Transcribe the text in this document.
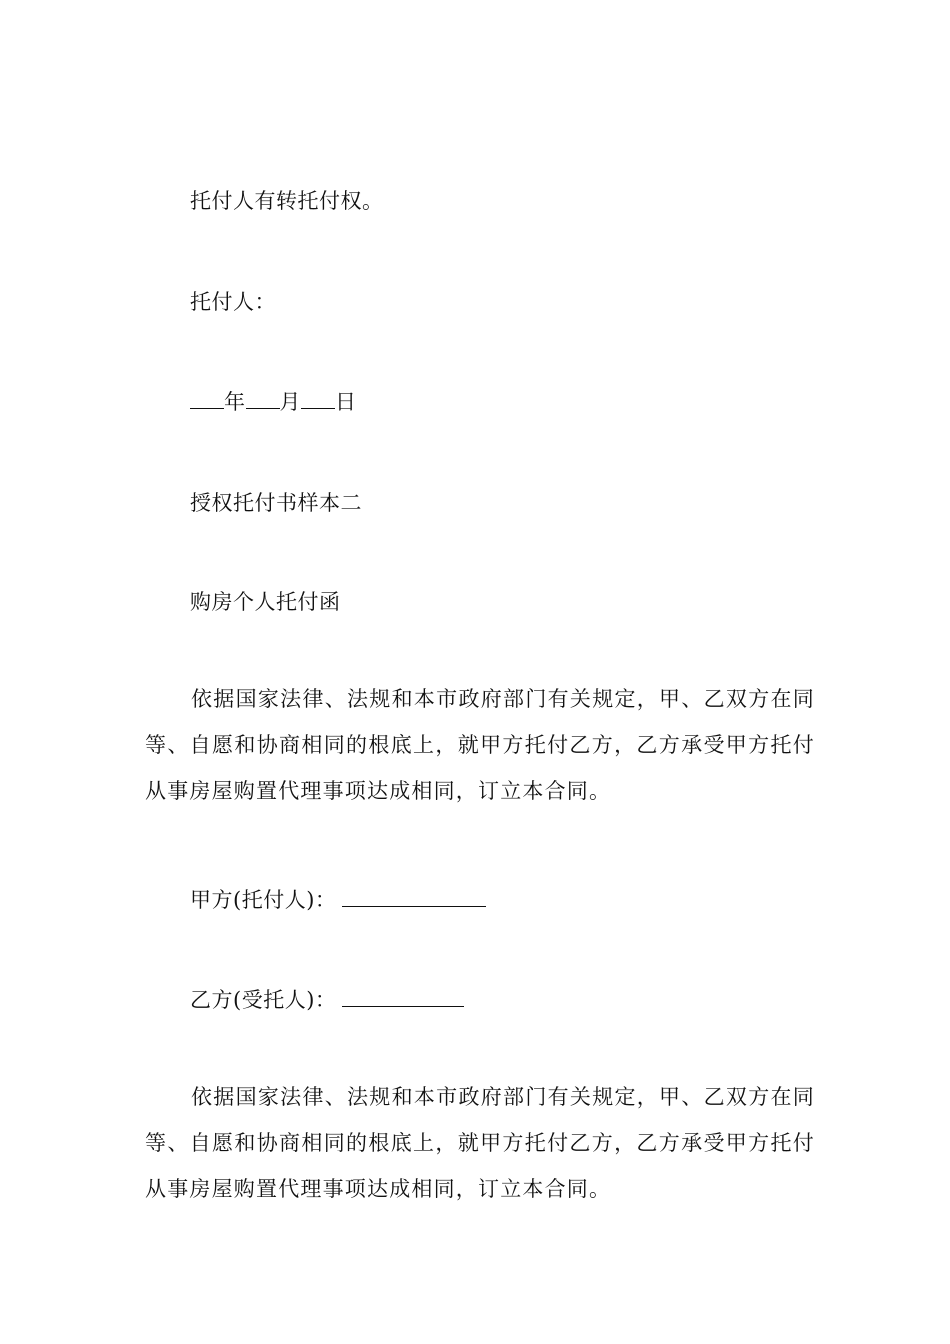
托付人有转托付权。
托付人：
年 月 日
授权托付书样本二
购房个人托付函
依据国家法律、法规和本市政府部门有关规定，甲、乙双方在同等、自愿和协商相同的根底上，就甲方托付乙方，乙方承受甲方托付从事房屋购置代理事项达成相同，订立本合同。
甲方(托付人)：
乙方(受托人)：
依据国家法律、法规和本市政府部门有关规定，甲、乙双方在同等、自愿和协商相同的根底上，就甲方托付乙方，乙方承受甲方托付从事房屋购置代理事项达成相同，订立本合同。
